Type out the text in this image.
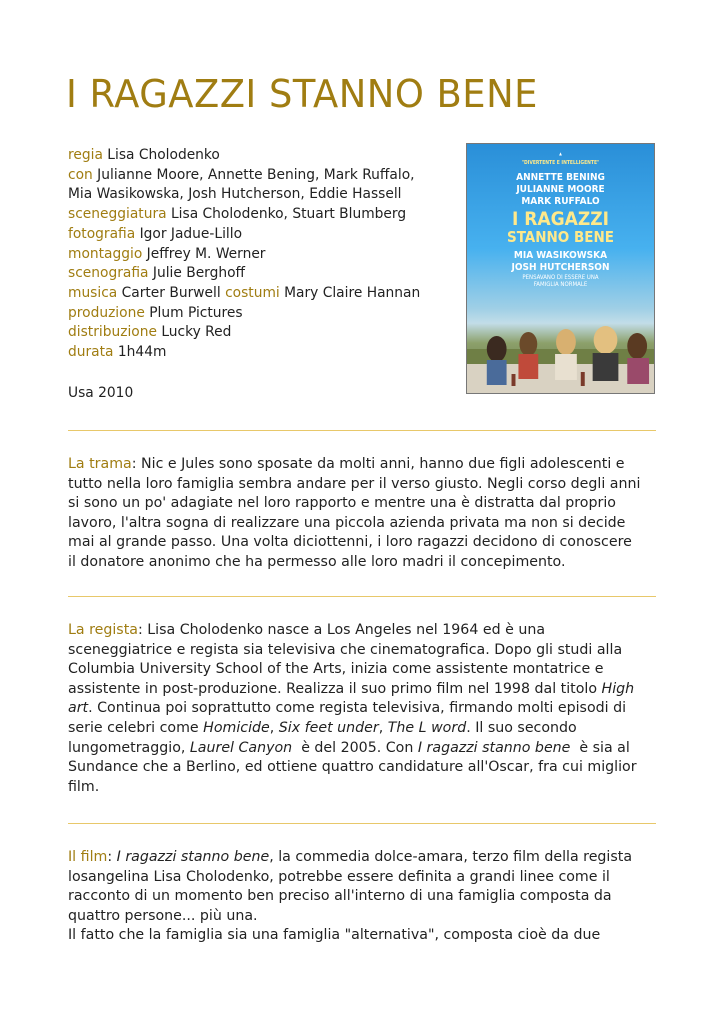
I RAGAZZI STANNO BENE
regia Lisa Cholodenko
con Julianne Moore, Annette Bening, Mark Ruffalo,
Mia Wasikowska, Josh Hutcherson, Eddie Hassell
sceneggiatura Lisa Cholodenko, Stuart Blumberg
fotografia Igor Jadue-Lillo
montaggio Jeffrey M. Werner
scenografia Julie Berghoff
musica Carter Burwell costumi Mary Claire Hannan
produzione Plum Pictures
distribuzione Lucky Red
durata 1h44m
Usa 2010
▲
"DIVERTENTE E INTELLIGENTE"
ANNETTE BENING
JULIANNE MOORE
MARK RUFFALO
I RAGAZZI
STANNO BENE
MIA WASIKOWSKA
JOSH HUTCHERSON
PENSAVANO DI ESSERE UNA
FAMIGLIA NORMALE
La trama: Nic e Jules sono sposate da molti anni, hanno due figli adolescenti e
tutto nella loro famiglia sembra andare per il verso giusto. Negli corso degli anni
si sono un po' adagiate nel loro rapporto e mentre una è distratta dal proprio
lavoro, l'altra sogna di realizzare una piccola azienda privata ma non si decide
mai al grande passo. Una volta diciottenni, i loro ragazzi decidono di conoscere
il donatore anonimo che ha permesso alle loro madri il concepimento.
La regista: Lisa Cholodenko nasce a Los Angeles nel 1964 ed è una
sceneggiatrice e regista sia televisiva che cinematografica. Dopo gli studi alla
Columbia University School of the Arts, inizia come assistente montatrice e
assistente in post-produzione. Realizza il suo primo film nel 1998 dal titolo High
art. Continua poi soprattutto come regista televisiva, firmando molti episodi di
serie celebri come Homicide, Six feet under, The L word. Il suo secondo
lungometraggio, Laurel Canyon  è del 2005. Con I ragazzi stanno bene  è sia al
Sundance che a Berlino, ed ottiene quattro candidature all'Oscar, fra cui miglior
film.
Il film: I ragazzi stanno bene, la commedia dolce-amara, terzo film della regista
losangelina Lisa Cholodenko, potrebbe essere definita a grandi linee come il
racconto di un momento ben preciso all'interno di una famiglia composta da
quattro persone... più una.
Il fatto che la famiglia sia una famiglia "alternativa", composta cioè da due
